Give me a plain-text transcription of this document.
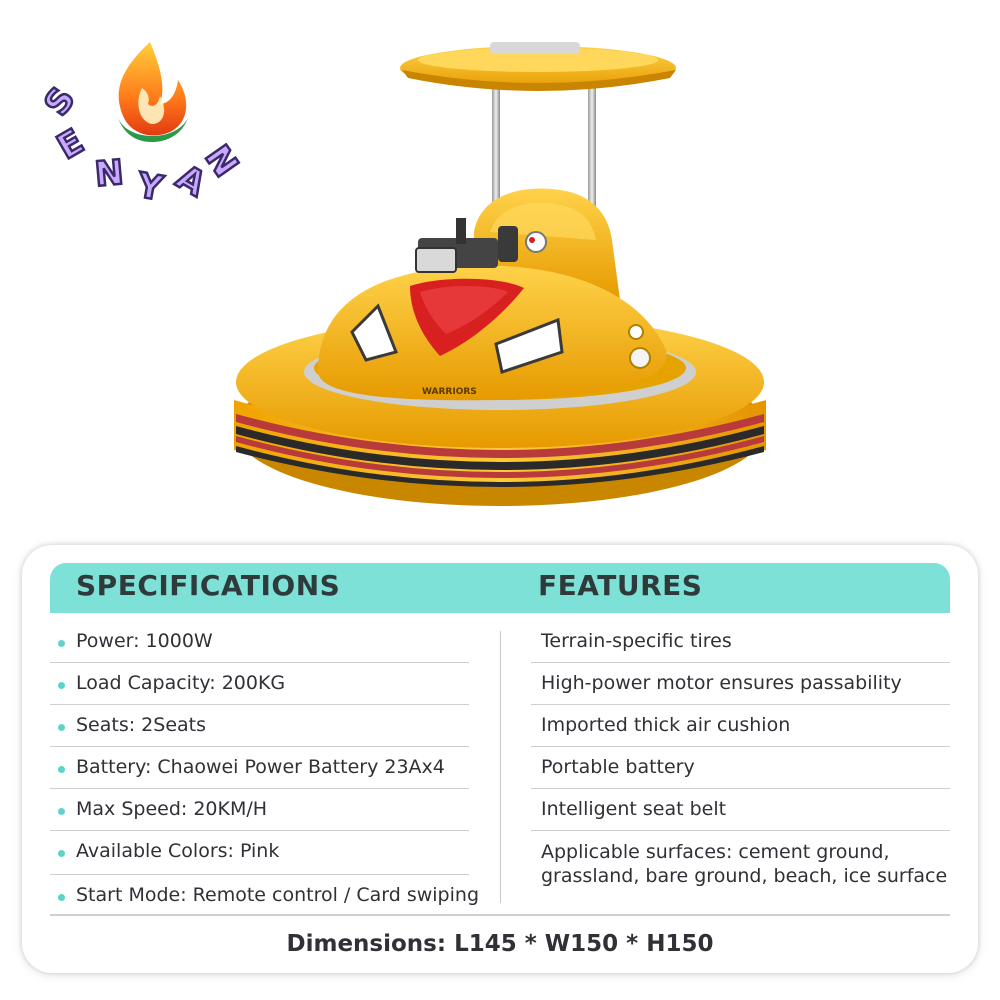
S
E
N Y A
N
WARRIORS
SPECIFICATIONS	FEATURES
Power: 1000W
Load Capacity: 200KG
Seats: 2Seats
Battery: Chaowei Power Battery 23Ax4
Max Speed: 20KM/H
Available Colors: Pink
Start Mode: Remote control / Card swiping
Terrain-specific tires
High-power motor ensures passability
Imported thick air cushion
Portable battery
Intelligent seat belt
Applicable surfaces: cement ground, grassland, bare ground, beach, ice surface
Dimensions: L145 * W150 * H150
